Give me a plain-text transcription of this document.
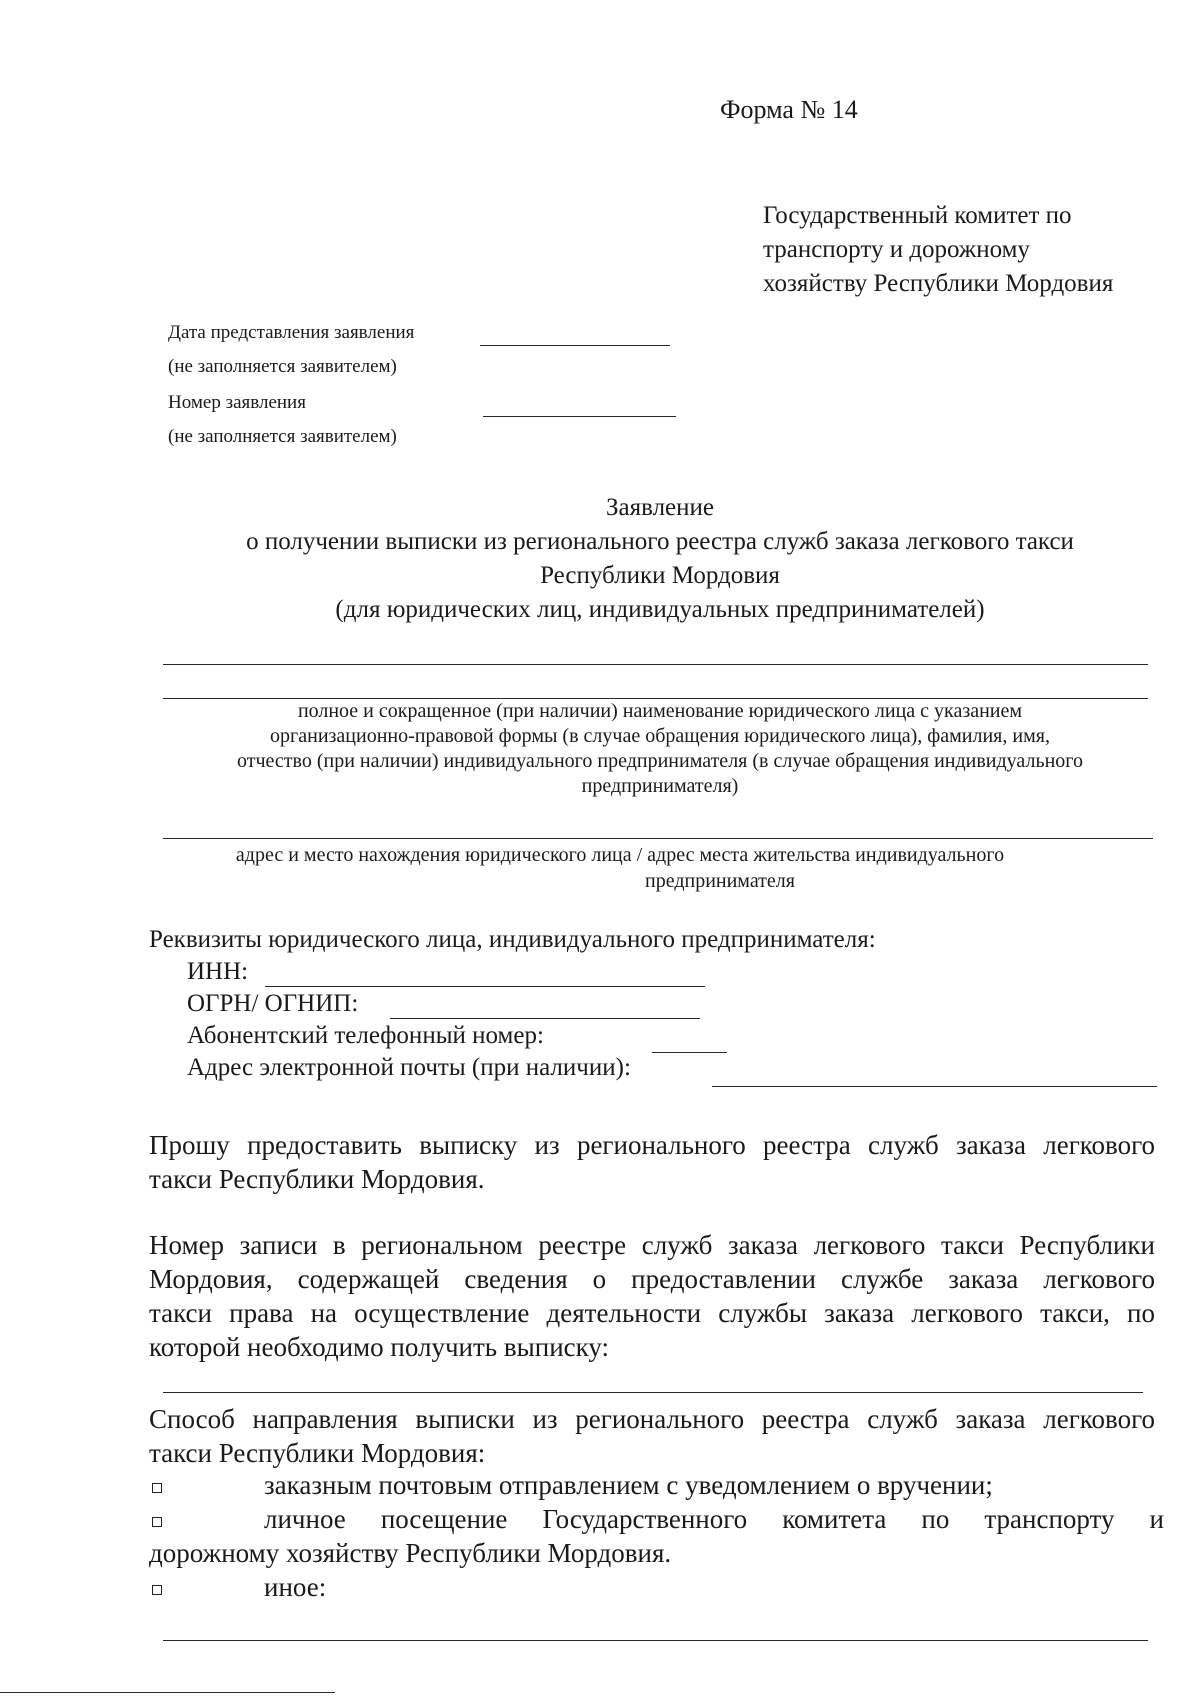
Форма № 14
Государственный комитет по
транспорту и дорожному
хозяйству Республики Мордовия
Дата представления заявления
(не заполняется заявителем)
Номер заявления
(не заполняется заявителем)
Заявление
о получении выписки из регионального реестра служб заказа легкового такси
Республики Мордовия
(для юридических лиц, индивидуальных предпринимателей)
полное и сокращенное (при наличии) наименование юридического лица с указанием
организационно-правовой формы (в случае обращения юридического лица), фамилия, имя,
отчество (при наличии) индивидуального предпринимателя (в случае обращения индивидуального
предпринимателя)
адрес и место нахождения юридического лица / адрес места жительства индивидуального
предпринимателя
Реквизиты юридического лица, индивидуального предпринимателя:
ИНН:
ОГРН/ ОГНИП:
Абонентский телефонный номер:
Адрес электронной почты (при наличии):
Прошу предоставить выписку из регионального реестра служб заказа легкового
такси Республики Мордовия.
Номер записи в региональном реестре служб заказа легкового такси Республики
Мордовия, содержащей сведения о предоставлении службе заказа легкового
такси права на осуществление деятельности службы заказа легкового такси, по
которой необходимо получить выписку:
Способ направления выписки из регионального реестра служб заказа легкового
такси Республики Мордовия:
заказным почтовым отправлением с уведомлением о вручении;
личное посещение Государственного комитета по транспорту и
дорожному хозяйству Республики Мордовия.
иное:
